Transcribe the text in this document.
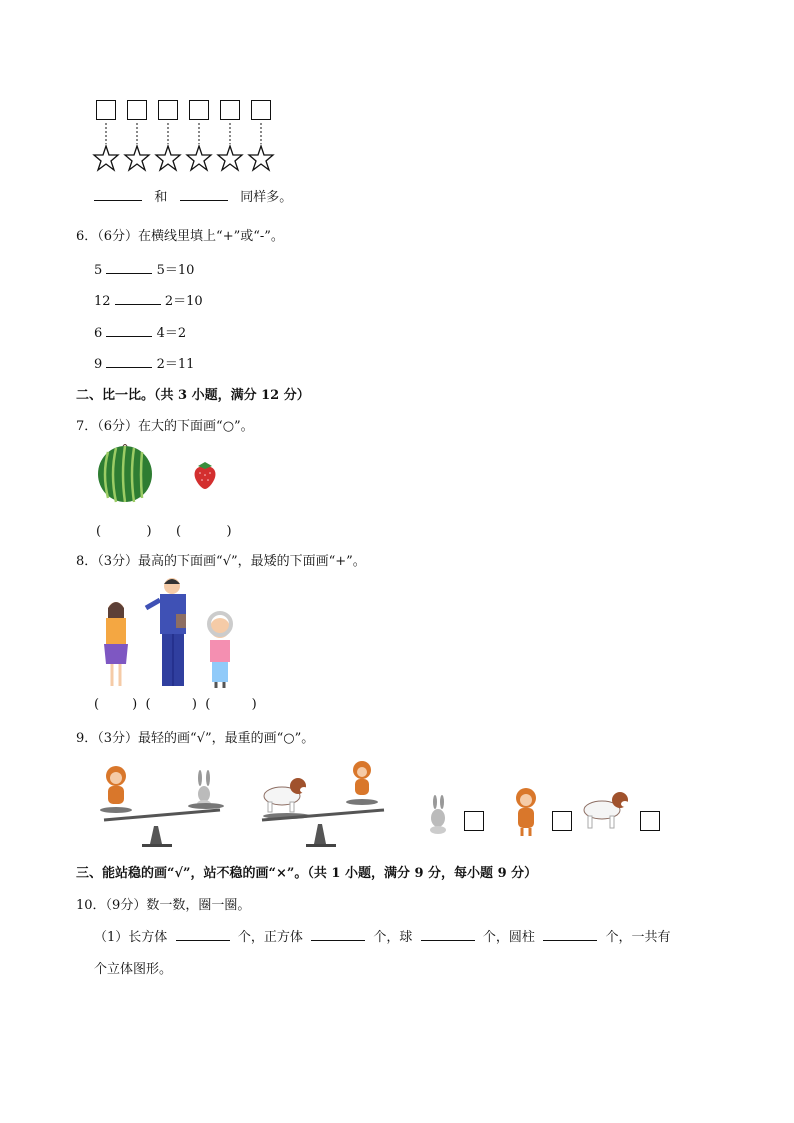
和	同样多。
6．（6分）在横线里填上“+”或“-”。
5	5＝10
12	2＝10
6	4＝2
9	2＝11
二、比一比。（共 3 小题，满分 12 分）
7．（6分）在大的下面画“○”。
(	) (	)
8．（3分）最高的下面画“√”，最矮的下面画“+”。
(        )  (          )  (          )
9．（3分）最轻的画“√”，最重的画“○”。
三、能站稳的画“√”，站不稳的画“×”。（共 1 小题，满分 9 分，每小题 9 分）
10．（9分）数一数，圈一圈。
（1）长方体	个，正方体	个，球	个，圆柱	个，一共有
个立体图形。
